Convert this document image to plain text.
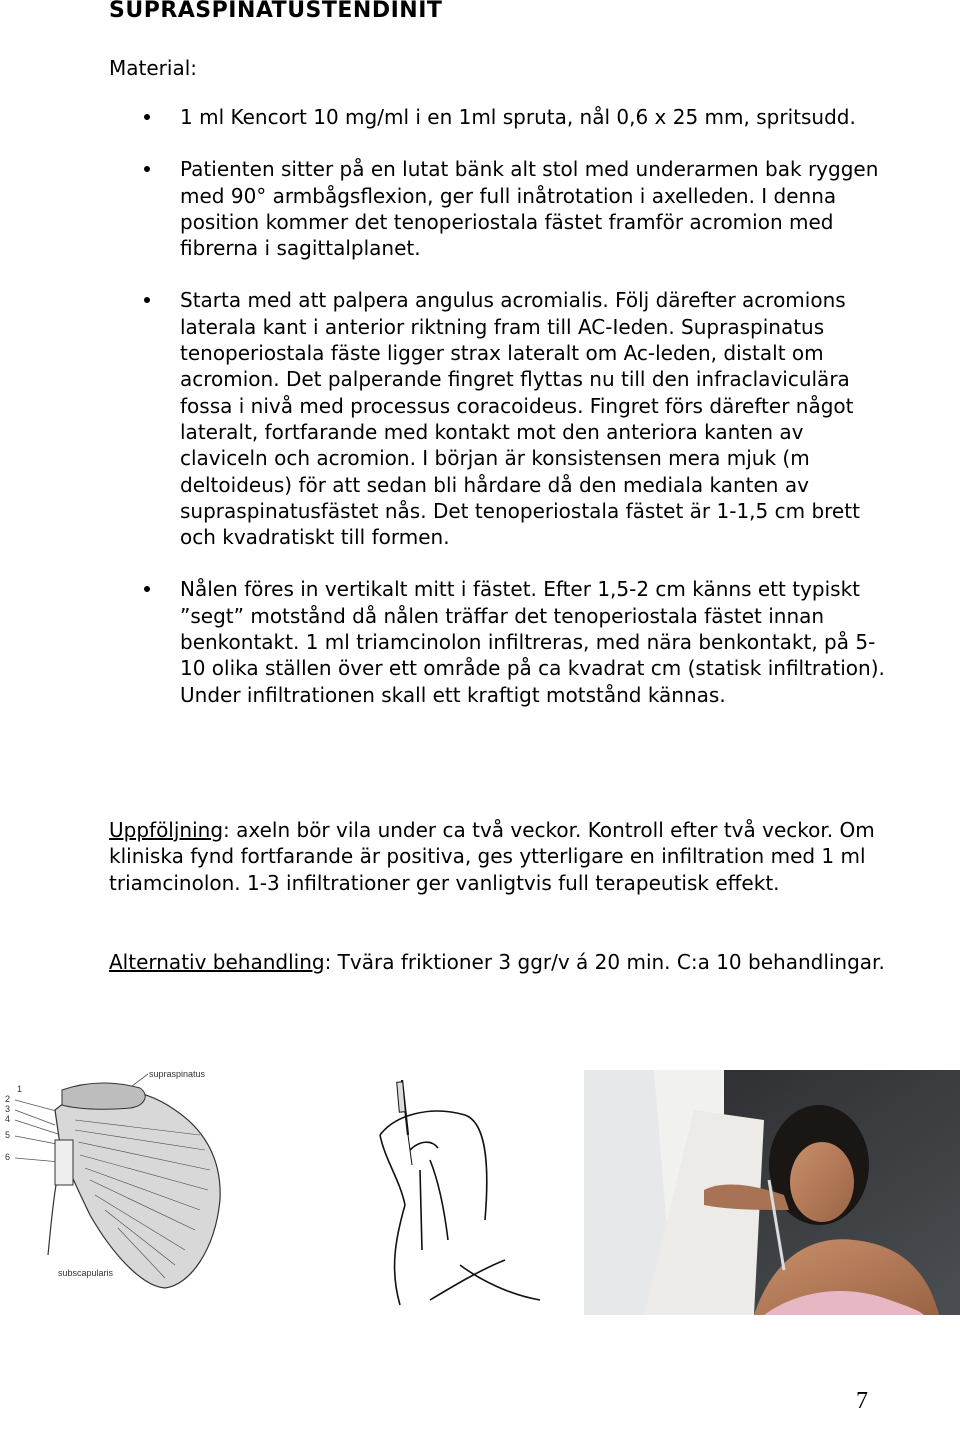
SUPRASPINATUSTENDINIT
Material:
1 ml Kencort 10 mg/ml i en 1ml spruta, nål 0,6 x 25 mm, spritsudd.
Patienten sitter på en lutat bänk alt stol med underarmen bak ryggen med 90° armbågsflexion, ger full inåtrotation i axelleden. I denna position kommer det tenoperiostala fästet framför acromion med fibrerna i sagittalplanet.
Starta med att palpera angulus acromialis. Följ därefter acromions laterala kant i anterior riktning fram till AC-Ieden. Supraspinatus tenoperiostala fäste ligger strax lateralt om Ac-leden, distalt om acromion. Det palperande fingret flyttas nu till den infraclaviculära fossa i nivå med processus coracoideus. Fingret förs därefter något lateralt, fortfarande med kontakt mot den anteriora kanten av claviceln och acromion. I början är konsistensen mera mjuk (m deltoideus) för att sedan bli hårdare då den mediala kanten av supraspinatusfästet nås. Det tenoperiostala fästet är 1-1,5 cm brett och kvadratiskt till formen.
Nålen föres in vertikalt mitt i fästet. Efter 1,5-2 cm känns ett typiskt ”segt” motstånd då nålen träffar det tenoperiostala fästet innan benkontakt. 1 ml triamcinolon infiltreras, med nära benkontakt, på 5-10 olika ställen över ett område på ca kvadrat cm (statisk infiltration). Under infiltrationen skall ett kraftigt motstånd kännas.

Uppföljning: axeln bör vila under ca två veckor. Kontroll efter två veckor. Om kliniska fynd fortfarande är positiva, ges ytterligare en infiltration med 1 ml triamcinolon. 1-3 infiltrationer ger vanligtvis full terapeutisk effekt.

Alternativ behandling: Tvära friktioner 3 ggr/v á 20 min. C:a 10 behandlingar.

1
2
3
4
5
6
supraspinatus
subscapularis
7
